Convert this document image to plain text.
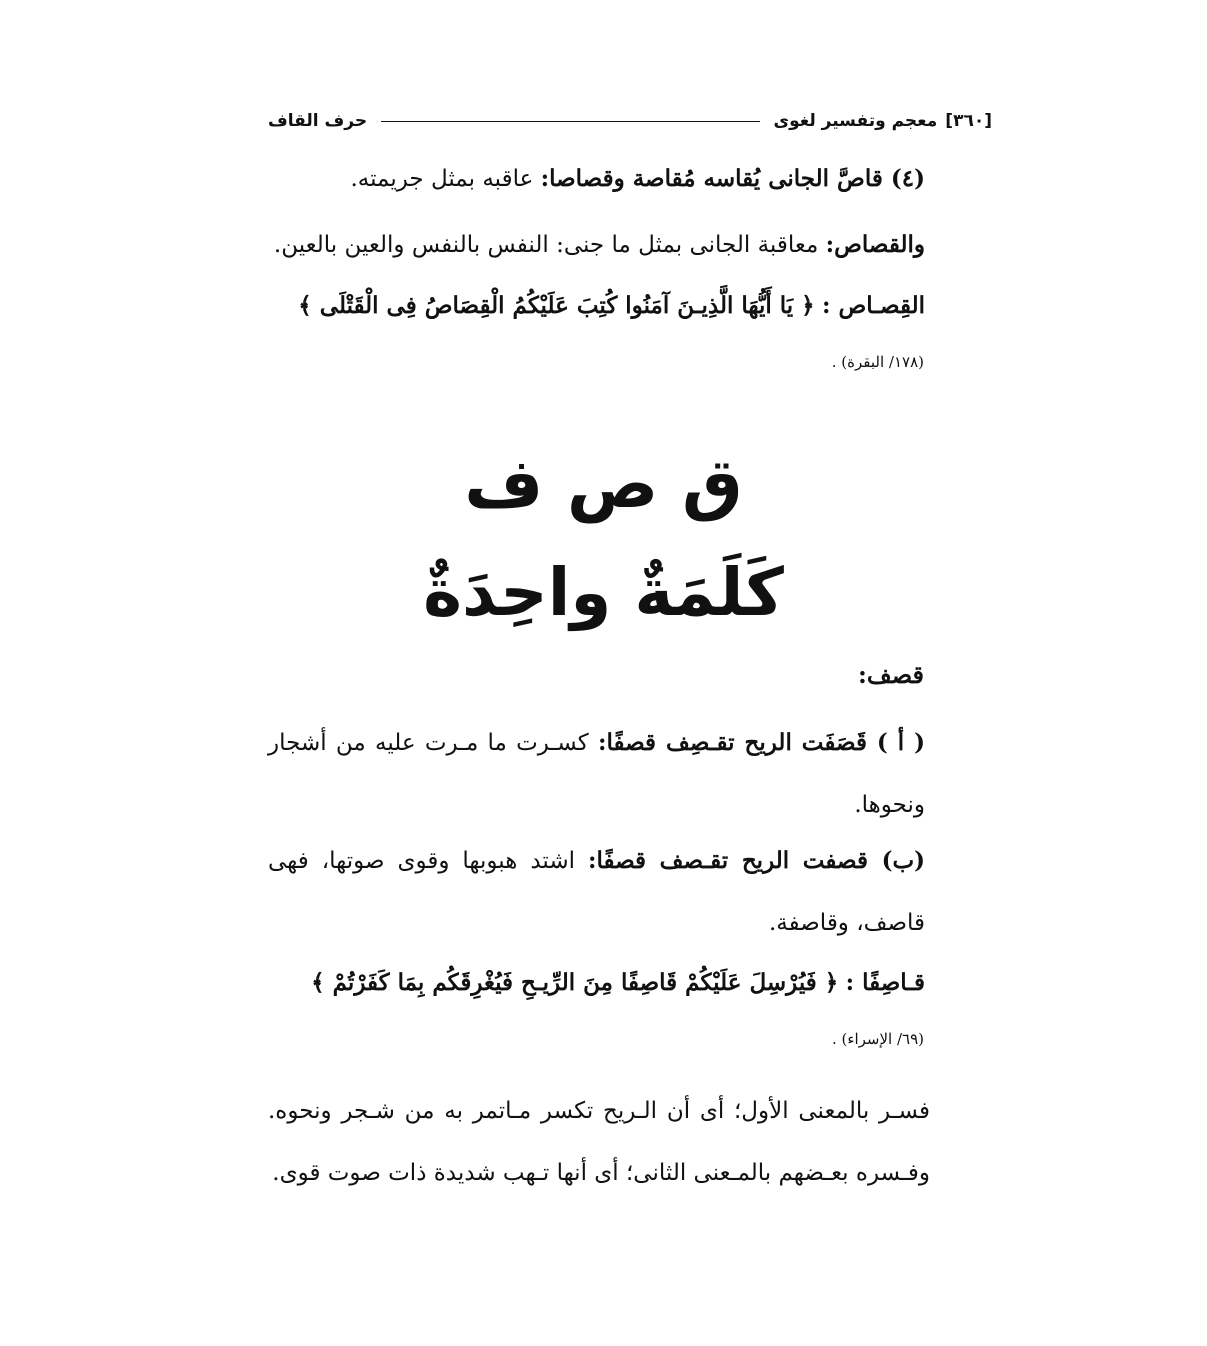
[٣٦٠]
معجم وتفسير لغوى
حرف القاف
(٤) قاصَّ الجانى يُقاسه مُقاصة وقصاصا: عاقبه بمثل جريمته.
والقصاص: معاقبة الجانى بمثل ما جنى: النفس بالنفس والعين بالعين.
القِصـاص : ﴿ يَا أَيُّهَا الَّذِيـنَ آمَنُوا كُتِبَ عَلَيْكُمُ الْقِصَاصُ فِى الْقَتْلَى ﴾
(١٧٨/ البقرة) .
ق ص ف
كَلَمَةٌ واحِدَةٌ
قصف:
( أ ) قَصَفَت الريح تقـصِف قصفًا: كسـرت ما مـرت عليه من أشجار ونحوها.
(ب) قصفت الريح تقـصف قصفًا: اشتد هبوبها وقوى صوتها، فهى قاصف، وقاصفة.
قـاصِفًا : ﴿ فَيُرْسِلَ عَلَيْكُمْ قَاصِفًا مِنَ الرِّيـحِ فَيُغْرِقَكُم بِمَا كَفَرْتُمْ ﴾
(٦٩/ الإسراء) .
فسـر بالمعنى الأول؛ أى أن الـريح تكسر مـاتمر به من شـجر ونحوه. وفـسره بعـضهم بالمـعنى الثانى؛ أى أنها تـهب شديدة ذات صوت قوى.
